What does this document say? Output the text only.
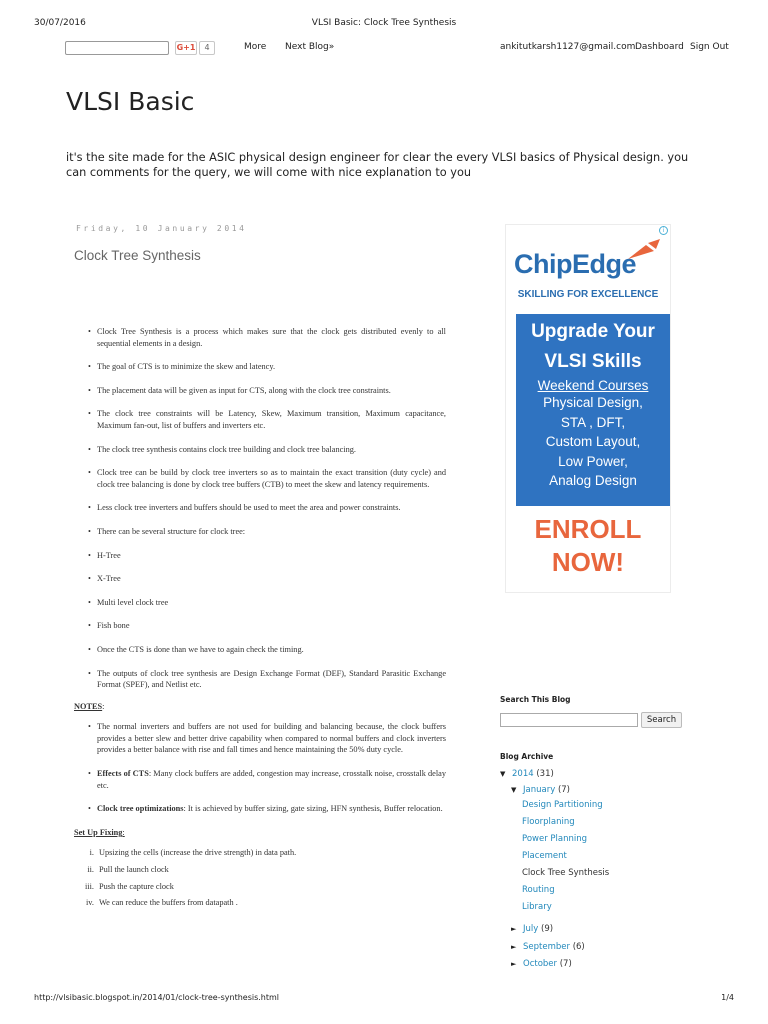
30/07/2016	VLSI Basic: Clock Tree Synthesis
G+1	4	More Next Blog»	ankitutkarsh1127@gmail.com Dashboard Sign Out
VLSI Basic
it's the site made for the ASIC physical design engineer for clear the every VLSI basics of Physical design. you can comments for the query, we will come with nice explanation to you
Friday, 10 January 2014
Clock Tree Synthesis
• Clock Tree Synthesis is a process which makes sure that the clock gets distributed evenly to all sequential elements in a design.
• The goal of CTS is to minimize the skew and latency.
• The placement data will be given as input for CTS, along with the clock tree constraints.
• The clock tree constraints will be Latency, Skew, Maximum transition, Maximum capacitance, Maximum fan-out, list of buffers and inverters etc.
• The clock tree synthesis contains clock tree building and clock tree balancing.
• Clock tree can be build by clock tree inverters so as to maintain the exact transition (duty cycle) and clock tree balancing is done by clock tree buffers (CTB) to meet the skew and latency requirements.
• Less clock tree inverters and buffers should be used to meet the area and power constraints.
• There can be several structure for clock tree:
• H-Tree
• X-Tree
• Multi level clock tree
• Fish bone
• Once the CTS is done than we have to again check the timing.
• The outputs of clock tree synthesis are Design Exchange Format (DEF), Standard Parasitic Exchange Format (SPEF), and Netlist etc.
NOTES:
• The normal inverters and buffers are not used for building and balancing because, the clock buffers provides a better slew and better drive capability when compared to normal buffers and clock inverters provides a better balance with rise and fall times and hence maintaining the 50% duty cycle.
• Effects of CTS: Many clock buffers are added, congestion may increase, crosstalk noise, crosstalk delay etc.
• Clock tree optimizations: It is achieved by buffer sizing, gate sizing, HFN synthesis, Buffer relocation.
Set Up Fixing:
i. Upsizing the cells (increase the drive strength) in data path.
ii. Pull the launch clock
iii. Push the capture clock
iv. We can reduce the buffers from datapath .
i
ChipEdge
SKILLING FOR EXCELLENCE
Upgrade Your
VLSI Skills
Weekend Courses
Physical Design,
STA , DFT,
Custom Layout,
Low Power,
Analog Design
ENROLL
NOW!
Search This Blog
Search
Blog Archive
▼ 2014 (31)
▼ January (7)
Design Partitioning
Floorplaning
Power Planning
Placement
Clock Tree Synthesis
Routing
Library
► July (9)
► September (6)
► October (7)
http://vlsibasic.blogspot.in/2014/01/clock-tree-synthesis.html	1/4
